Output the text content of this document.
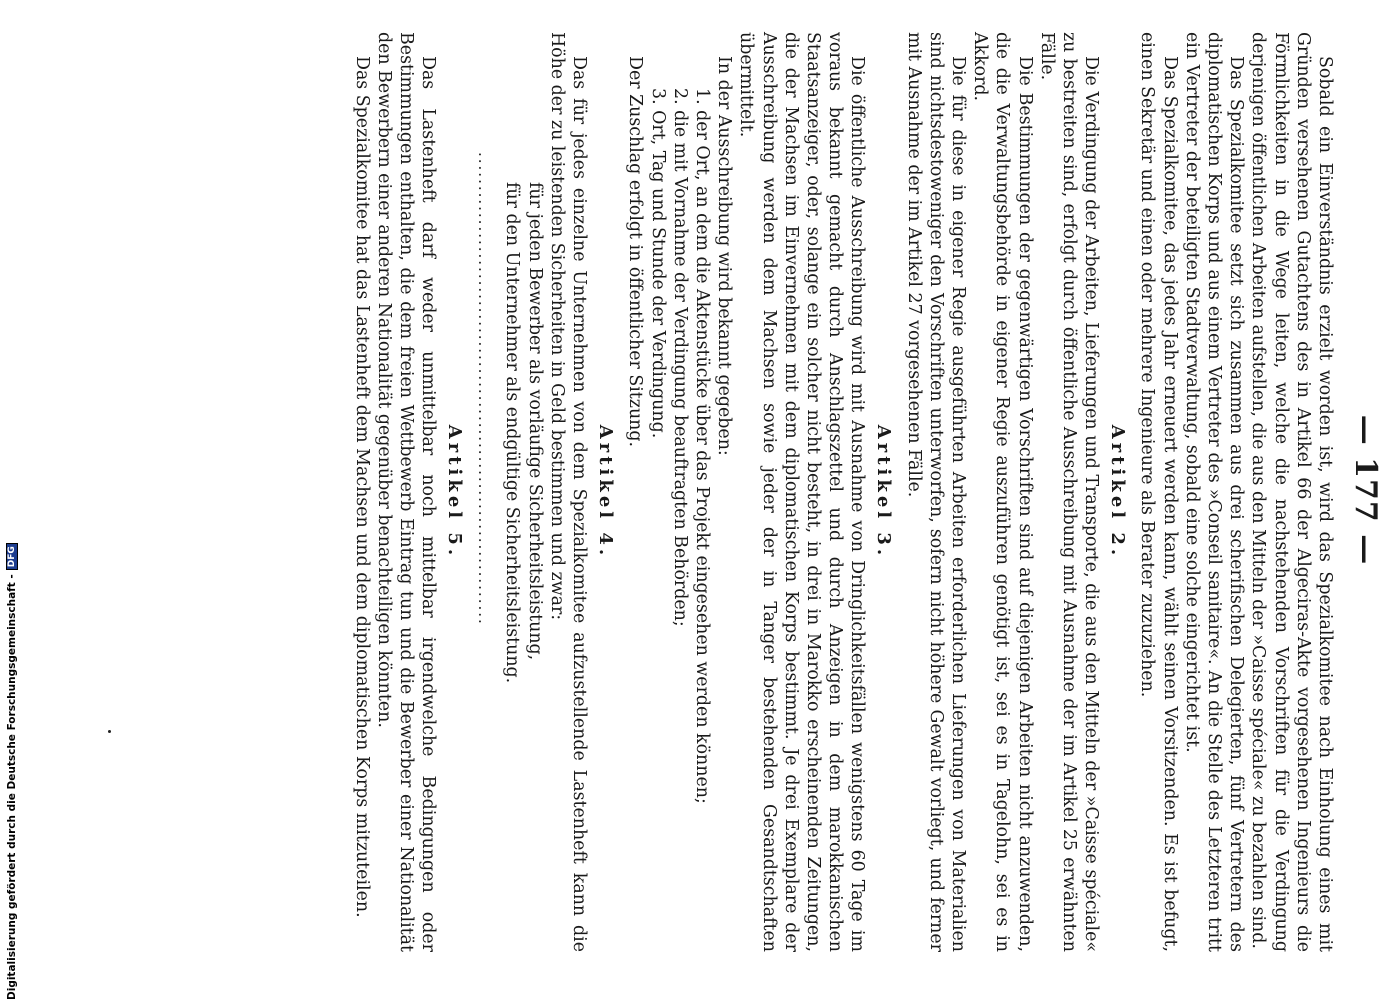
— 177 —

Sobald ein Einverständnis erzielt worden ist, wird das Spezialkomitee nach Einholung eines mit Gründen versehenen Gutachtens des in Artikel 66 der Algeciras-Akte vorgesehenen Ingenieurs die Förmlichkeiten in die Wege leiten, welche die nachstehenden Vorschriften für die Verdingung derjenigen öffentlichen Arbeiten aufstellen, die aus den Mitteln der »Caisse spéciale« zu bezahlen sind.

Das Spezialkomitee setzt sich zusammen aus drei scherifischen Delegierten, fünf Vertretern des diplomatischen Korps und aus einem Vertreter des »Conseil sanitaire«. An die Stelle des Letzteren tritt ein Vertreter der beteiligten Stadtverwaltung, sobald eine solche eingerichtet ist.

Das Spezialkomitee, das jedes Jahr erneuert werden kann, wählt seinen Vorsitzenden. Es ist befugt, einen Sekretär und einen oder mehrere Ingenieure als Berater zuzuziehen.

Artikel 2.

Die Verdingung der Arbeiten, Lieferungen und Transporte, die aus den Mitteln der »Caisse spéciale« zu bestreiten sind, erfolgt durch öffentliche Ausschreibung mit Ausnahme der im Artikel 25 erwähnten Fälle.

Die Bestimmungen der gegenwärtigen Vorschriften sind auf diejenigen Arbeiten nicht anzuwenden, die die Verwaltungsbehörde in eigener Regie auszuführen genötigt ist, sei es in Tagelohn, sei es in Akkord.

Die für diese in eigener Regie ausgeführten Arbeiten erforderlichen Lieferungen von Materialien sind nichtsdestoweniger den Vorschriften unterworfen, sofern nicht höhere Gewalt vorliegt, und ferner mit Ausnahme der im Artikel 27 vorgesehenen Fälle.

Artikel 3.

Die öffentliche Ausschreibung wird mit Ausnahme von Dringlichkeitsfällen wenigstens 60 Tage im voraus bekannt gemacht durch Anschlagszettel und durch Anzeigen in dem marokkanischen Staatsanzeiger, oder, solange ein solcher nicht besteht, in drei in Marokko erscheinenden Zeitungen, die der Machsen im Einvernehmen mit dem diplomatischen Korps bestimmt. Je drei Exemplare der Ausschreibung werden dem Machsen sowie jeder der in Tanger bestehenden Gesandtschaften übermittelt.

In der Ausschreibung wird bekannt gegeben:

1. der Ort, an dem die Aktenstücke über das Projekt eingesehen werden können;

2. die mit Vornahme der Verdingung beauftragten Behörden;

3. Ort, Tag und Stunde der Verdingung.

Der Zuschlag erfolgt in öffentlicher Sitzung.

Artikel 4.

Das für jedes einzelne Unternehmen von dem Spezialkomitee aufzustellende Lastenheft kann die Höhe der zu leistenden Sicherheiten in Geld bestimmen und zwar:

für jeden Bewerber als vorläufige Sicherheitsleistung,

für den Unternehmer als endgültige Sicherheitsleistung.

......................................................................
Artikel 5.

Das Lastenheft darf weder unmittelbar noch mittelbar irgendwelche Bedingungen oder Bestimmungen enthalten, die dem freien Wettbewerb Eintrag tun und die Bewerber einer Nationalität den Bewerbern einer anderen Nationalität gegenüber benachteiligen könnten.

Das Spezialkomitee hat das Lastenheft dem Machsen und dem diplomatischen Korps mitzuteilen.

Digitalisierung gefördert durch die Deutsche Forschungsgemeinschaft -DFG
